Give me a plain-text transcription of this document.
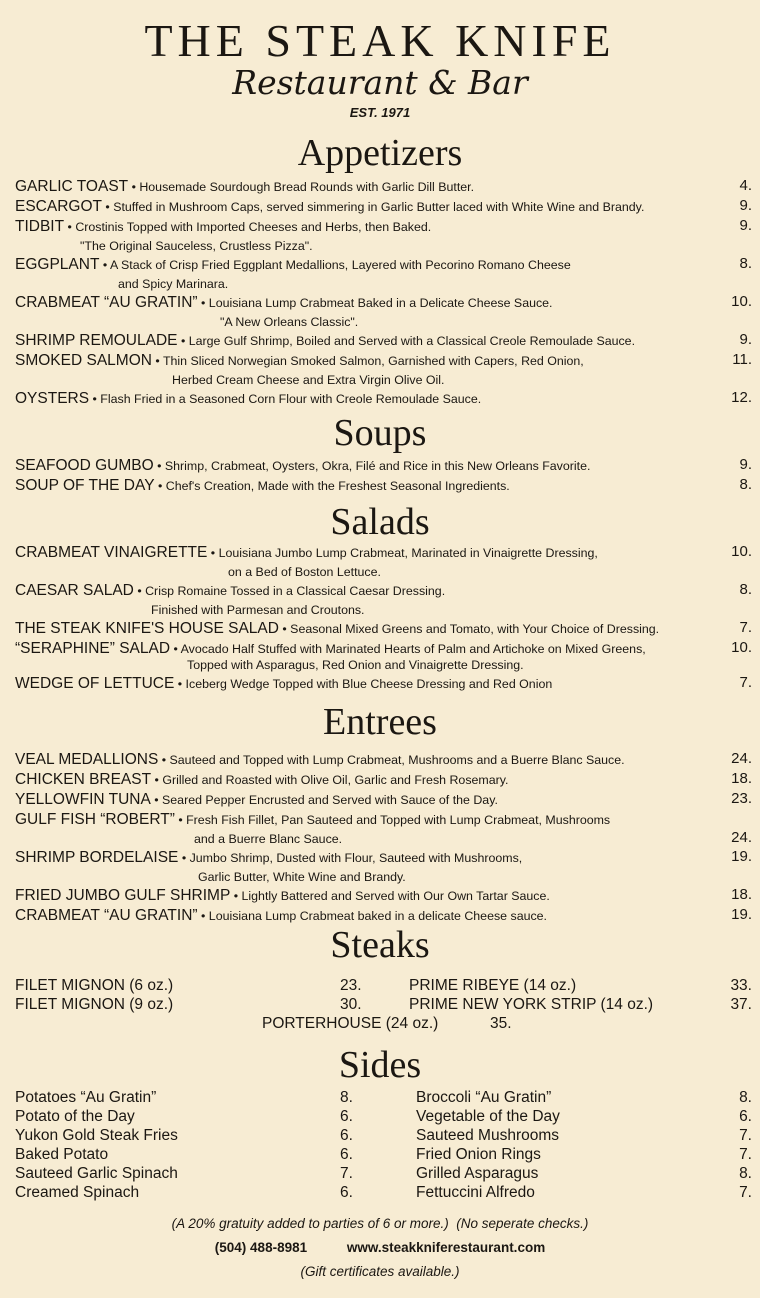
THE STEAK KNIFE
Restaurant & Bar
EST. 1971
Appetizers
GARLIC TOAST • Housemade Sourdough Bread Rounds with Garlic Dill Butter.	4.
ESCARGOT • Stuffed in Mushroom Caps, served simmering in Garlic Butter laced with White Wine and Brandy.	9.
TIDBIT • Crostinis Topped with Imported Cheeses and Herbs, then Baked.
"The Original Sauceless, Crustless Pizza".
9.
EGGPLANT • A Stack of Crisp Fried Eggplant Medallions, Layered with Pecorino Romano Cheese
and Spicy Marinara.
8.
CRABMEAT “AU GRATIN” • Louisiana Lump Crabmeat Baked in a Delicate Cheese Sauce.
"A New Orleans Classic".
10.
SHRIMP REMOULADE • Large Gulf Shrimp, Boiled and Served with a Classical Creole Remoulade Sauce.	9.
SMOKED SALMON • Thin Sliced Norwegian Smoked Salmon, Garnished with Capers, Red Onion,
Herbed Cream Cheese and Extra Virgin Olive Oil.
11.
OYSTERS • Flash Fried in a Seasoned Corn Flour with Creole Remoulade Sauce.	12.
Soups
SEAFOOD GUMBO • Shrimp, Crabmeat, Oysters, Okra, Filé and Rice in this New Orleans Favorite.	9.
SOUP OF THE DAY • Chef's Creation, Made with the Freshest Seasonal Ingredients.	8.
Salads
CRABMEAT VINAIGRETTE • Louisiana Jumbo Lump Crabmeat, Marinated in Vinaigrette Dressing,
on a Bed of Boston Lettuce.
10.
CAESAR SALAD • Crisp Romaine Tossed in a Classical Caesar Dressing.
Finished with Parmesan and Croutons.
8.
THE STEAK KNIFE'S HOUSE SALAD • Seasonal Mixed Greens and Tomato, with Your Choice of Dressing.	7.
“SERAPHINE” SALAD • Avocado Half Stuffed with Marinated Hearts of Palm and Artichoke on Mixed Greens,
Topped with Asparagus, Red Onion and Vinaigrette Dressing.
10.
WEDGE OF LETTUCE • Iceberg Wedge Topped with Blue Cheese Dressing and Red Onion	7.
Entrees
VEAL MEDALLIONS • Sauteed and Topped with Lump Crabmeat, Mushrooms and a Buerre Blanc Sauce.	24.
CHICKEN BREAST • Grilled and Roasted with Olive Oil, Garlic and Fresh Rosemary.	18.
YELLOWFIN TUNA • Seared Pepper Encrusted and Served with Sauce of the Day.	23.
GULF FISH “ROBERT” • Fresh Fish Fillet, Pan Sauteed and Topped with Lump Crabmeat, Mushrooms
and a Buerre Blanc Sauce.	24.
SHRIMP BORDELAISE • Jumbo Shrimp, Dusted with Flour, Sauteed with Mushrooms,
Garlic Butter, White Wine and Brandy.
19.
FRIED JUMBO GULF SHRIMP • Lightly Battered and Served with Our Own Tartar Sauce.	18.
CRABMEAT “AU GRATIN” • Louisiana Lump Crabmeat baked in a delicate Cheese sauce.	19.
Steaks
FILET MIGNON (6 oz.)	23.
FILET MIGNON (9 oz.)	30.
PRIME RIBEYE (14 oz.)	33.
PRIME NEW YORK STRIP (14 oz.)	37.
PORTERHOUSE (24 oz.)	35.
Sides
Potatoes “Au Gratin”	8.
Potato of the Day	6.
Yukon Gold Steak Fries	6.
Baked Potato	6.
Sauteed Garlic Spinach	7.
Creamed Spinach	6.
Broccoli “Au Gratin”	8.
Vegetable of the Day	6.
Sauteed Mushrooms	7.
Fried Onion Rings	7.
Grilled Asparagus	8.
Fettuccini Alfredo	7.
(A 20% gratuity added to parties of 6 or more.)  (No seperate checks.)
(504) 488-8981	www.steakkniferestaurant.com
(Gift certificates available.)
